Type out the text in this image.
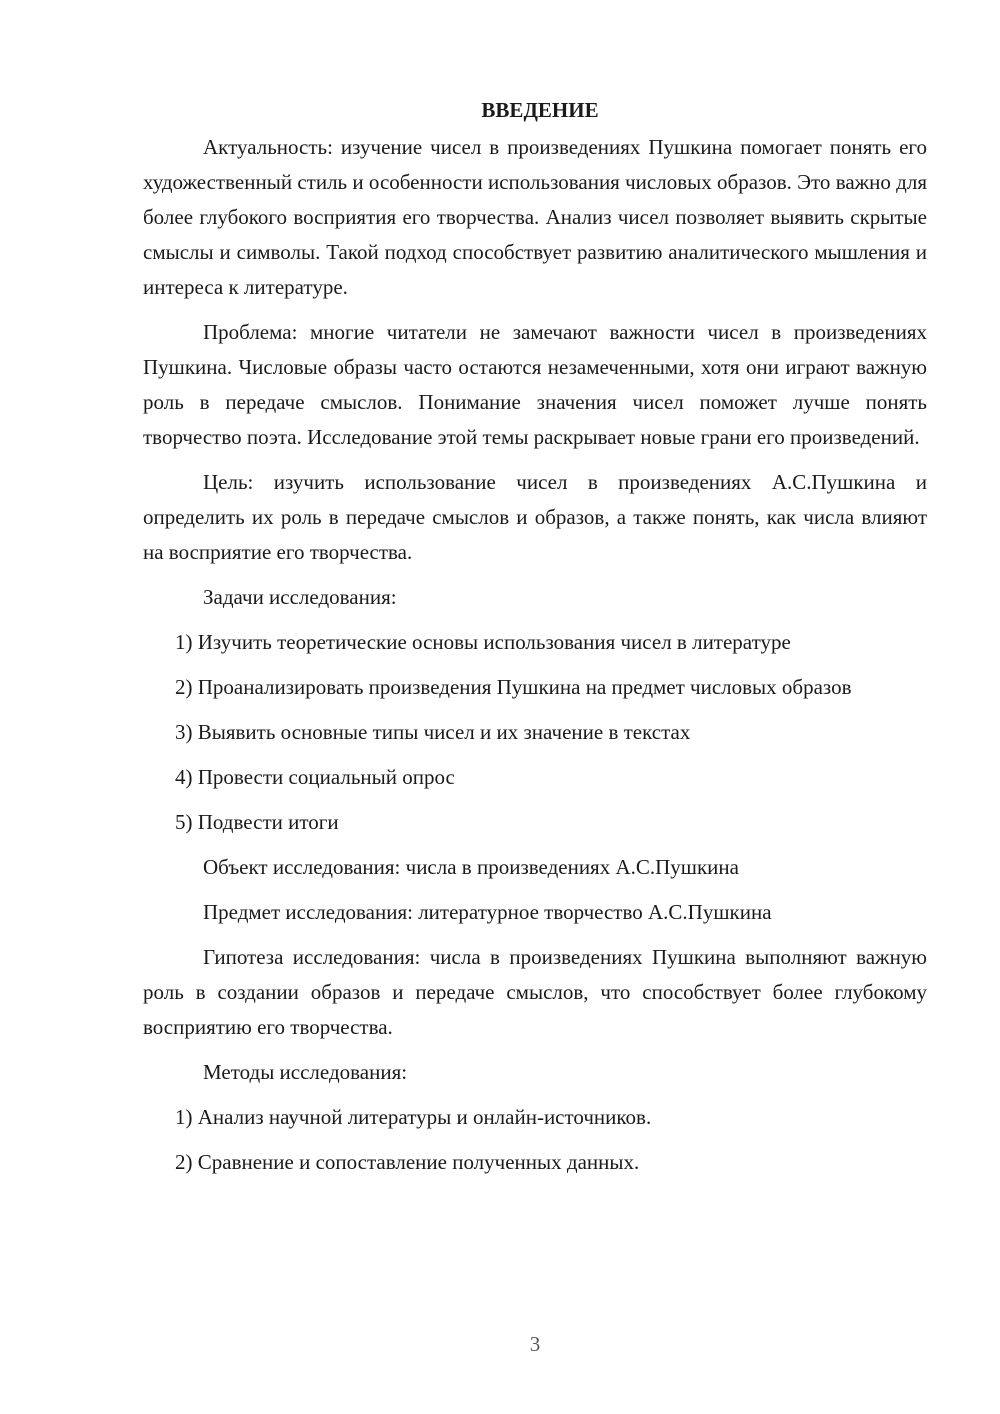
ВВЕДЕНИЕ

Актуальность: изучение чисел в произведениях Пушкина помогает понять его художественный стиль и особенности использования числовых образов. Это важно для более глубокого восприятия его творчества. Анализ чисел позволяет выявить скрытые смыслы и символы. Такой подход способствует развитию аналитического мышления и интереса к литературе.

Проблема: многие читатели не замечают важности чисел в произведениях Пушкина. Числовые образы часто остаются незамеченными, хотя они играют важную роль в передаче смыслов. Понимание значения чисел поможет лучше понять творчество поэта. Исследование этой темы раскрывает новые грани его произведений.

Цель: изучить использование чисел в произведениях А.С.Пушкина и определить их роль в передаче смыслов и образов, а также понять, как числа влияют на восприятие его творчества.

Задачи исследования:

1) Изучить теоретические основы использования чисел в литературе

2) Проанализировать произведения Пушкина на предмет числовых образов

3) Выявить основные типы чисел и их значение в текстах

4) Провести социальный опрос

5) Подвести итоги

Объект исследования: числа в произведениях А.С.Пушкина

Предмет исследования: литературное творчество А.С.Пушкина

Гипотеза исследования: числа в произведениях Пушкина выполняют важную роль в создании образов и передаче смыслов, что способствует более глубокому восприятию его творчества.

Методы исследования:

1) Анализ научной литературы и онлайн-источников.

2) Сравнение и сопоставление полученных данных.

3
